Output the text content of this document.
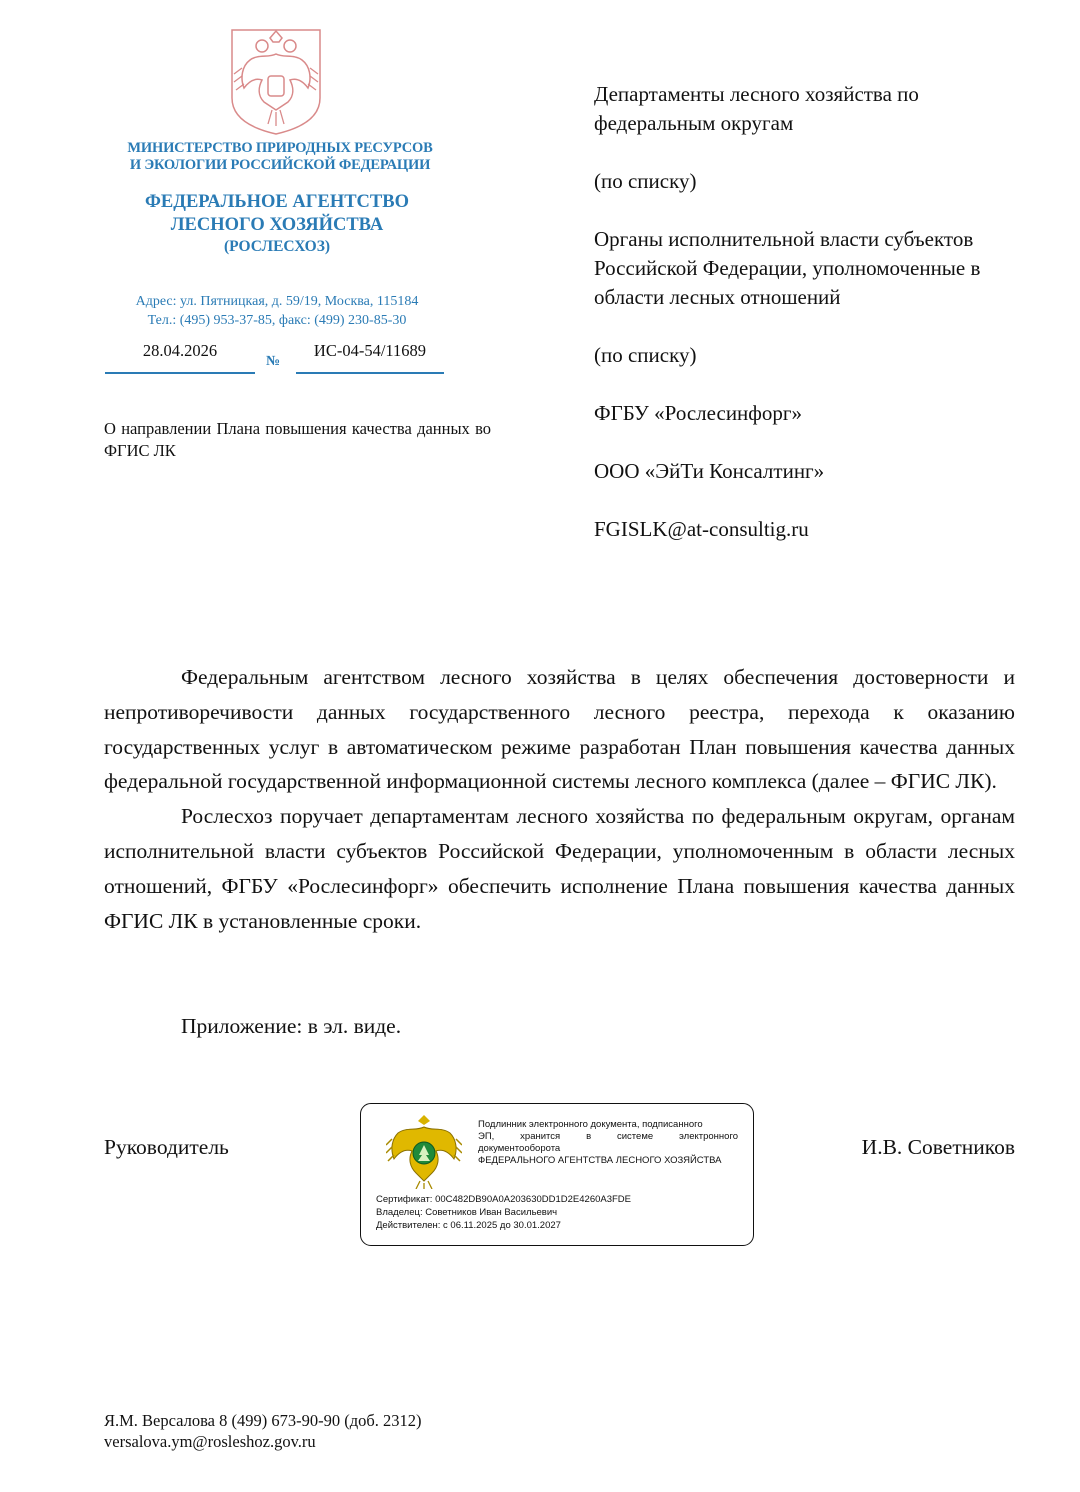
МИНИСТЕРСТВО ПРИРОДНЫХ РЕСУРСОВ
И ЭКОЛОГИИ РОССИЙСКОЙ ФЕДЕРАЦИИ
ФЕДЕРАЛЬНОЕ АГЕНТСТВО
ЛЕСНОГО ХОЗЯЙСТВА
(РОСЛЕСХОЗ)
Адрес: ул. Пятницкая, д. 59/19, Москва, 115184
Тел.: (495) 953-37-85, факс: (499) 230-85-30
28.04.2026
№
ИС-04-54/11689
О направлении Плана повышения качества данных во ФГИС ЛК

Департаменты лесного хозяйства по федеральным округам

(по списку)

Органы исполнительной власти субъектов Российской Федерации, уполномоченные в области лесных отношений

(по списку)

ФГБУ «Рослесинфорг»

ООО «ЭйТи Консалтинг»

FGISLK@at-consultig.ru

Федеральным агентством лесного хозяйства в целях обеспечения достоверности и непротиворечивости данных государственного лесного реестра, перехода к оказанию государственных услуг в автоматическом режиме разработан План повышения качества данных федеральной государственной информационной системы лесного комплекса (далее – ФГИС ЛК).

Рослесхоз поручает департаментам лесного хозяйства по федеральным округам, органам исполнительной власти субъектов Российской Федерации, уполномоченным в области лесных отношений, ФГБУ «Рослесинфорг» обеспечить исполнение Плана повышения качества данных ФГИС ЛК в установленные сроки.

Приложение: в эл. виде.
Руководитель
Подлинник электронного документа, подписанного
ЭП, хранится в системе электронного
документооборота
ФЕДЕРАЛЬНОГО АГЕНТСТВА ЛЕСНОГО ХОЗЯЙСТВА
Сертификат: 00C482DB90A0A203630DD1D2E4260A3FDE
Владелец: Советников Иван Васильевич
Действителен: с 06.11.2025 до 30.01.2027
И.В. Советников
Я.М. Версалова 8 (499) 673-90-90 (доб. 2312)
versalova.ym@rosleshoz.gov.ru
